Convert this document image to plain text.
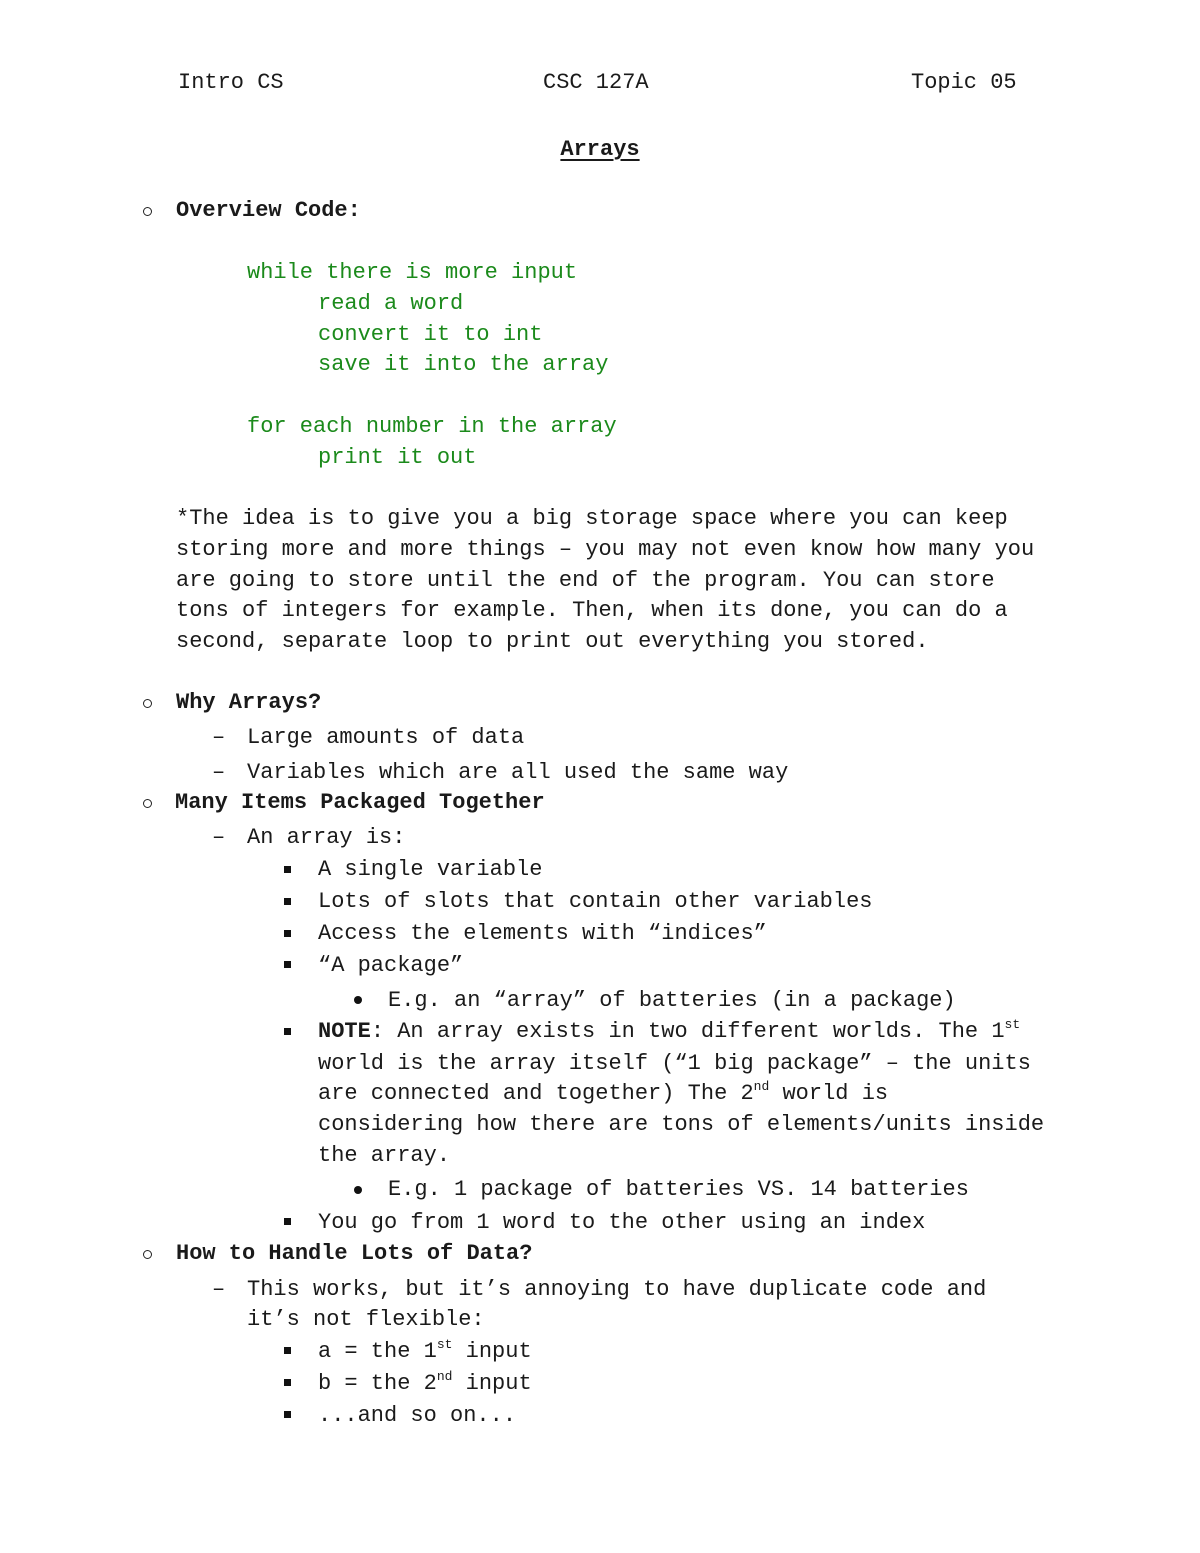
Intro CS	CSC 127A	Topic 05
Arrays
Overview Code:
while there is more input
read a word
convert it to int
save it into the array
for each number in the array
print it out
*The idea is to give you a big storage space where you can keep
storing more and more things – you may not even know how many you
are going to store until the end of the program. You can store
tons of integers for example. Then, when its done, you can do a
second, separate loop to print out everything you stored.
Why Arrays?
– Large amounts of data
– Variables which are all used the same way
Many Items Packaged Together
– An array is:
A single variable
Lots of slots that contain other variables
Access the elements with “indices”
“A package”
E.g. an “array” of batteries (in a package)
NOTE: An array exists in two different worlds. The 1st
world is the array itself (“1 big package” – the units
are connected and together) The 2nd world is
considering how there are tons of elements/units inside
the array.
E.g. 1 package of batteries VS. 14 batteries
You go from 1 word to the other using an index
How to Handle Lots of Data?
– This works, but it’s annoying to have duplicate code and
it’s not flexible:
a = the 1st input
b = the 2nd input
...and so on...
